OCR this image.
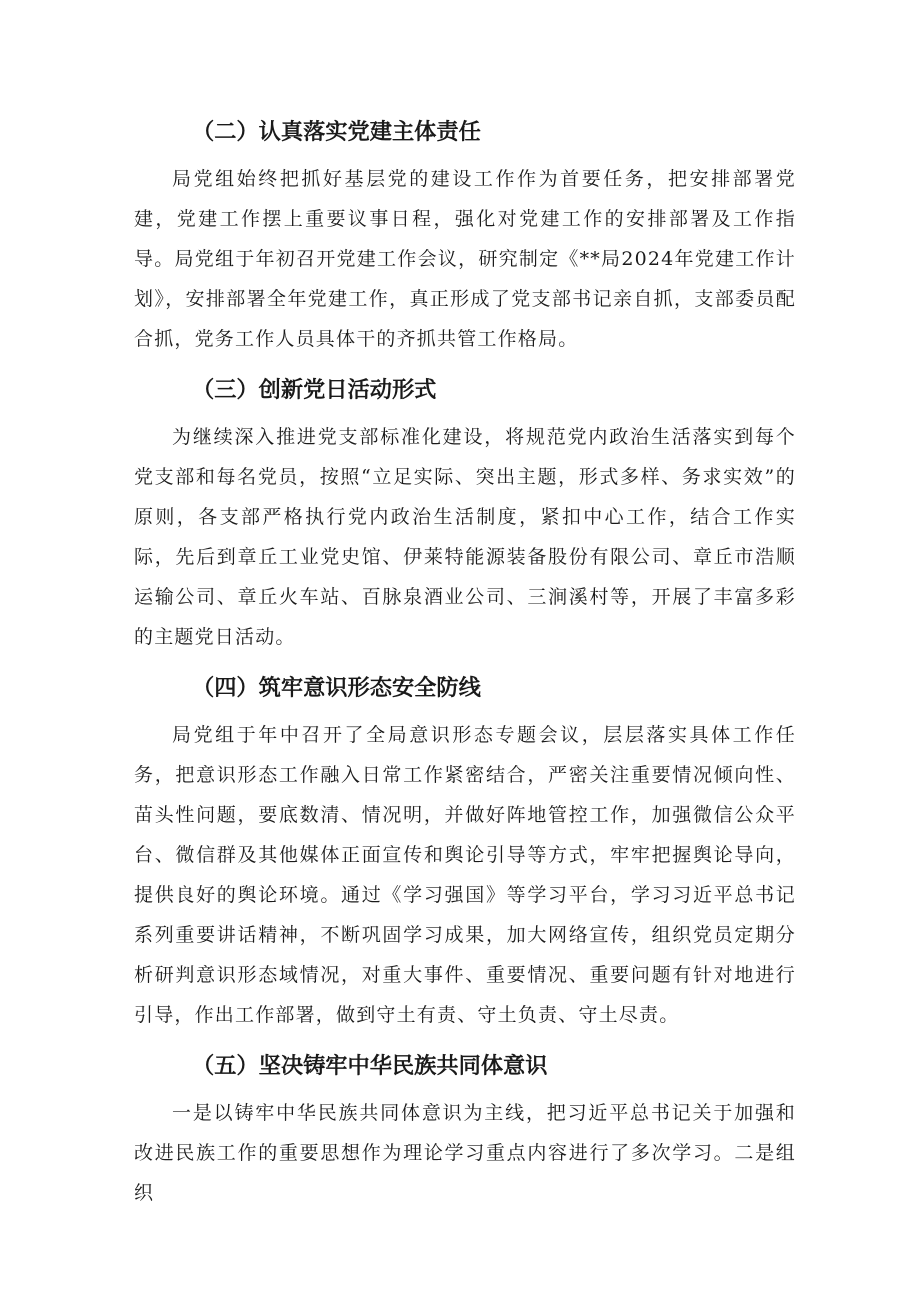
（二）认真落实党建主体责任

局党组始终把抓好基层党的建设工作作为首要任务，把安排部署党建，党建工作摆上重要议事日程，强化对党建工作的安排部署及工作指导。局党组于年初召开党建工作会议，研究制定《**局2024年党建工作计划》，安排部署全年党建工作，真正形成了党支部书记亲自抓，支部委员配合抓，党务工作人员具体干的齐抓共管工作格局。

（三）创新党日活动形式

为继续深入推进党支部标准化建设，将规范党内政治生活落实到每个党支部和每名党员，按照“立足实际、突出主题，形式多样、务求实效”的原则，各支部严格执行党内政治生活制度，紧扣中心工作，结合工作实际，先后到章丘工业党史馆、伊莱特能源装备股份有限公司、章丘市浩顺运输公司、章丘火车站、百脉泉酒业公司、三涧溪村等，开展了丰富多彩的主题党日活动。

（四）筑牢意识形态安全防线

局党组于年中召开了全局意识形态专题会议，层层落实具体工作任务，把意识形态工作融入日常工作紧密结合，严密关注重要情况倾向性、苗头性问题，要底数清、情况明，并做好阵地管控工作，加强微信公众平台、微信群及其他媒体正面宣传和舆论引导等方式，牢牢把握舆论导向，提供良好的舆论环境。通过《学习强国》等学习平台，学习习近平总书记系列重要讲话精神，不断巩固学习成果，加大网络宣传，组织党员定期分析研判意识形态域情况，对重大事件、重要情况、重要问题有针对地进行引导，作出工作部署，做到守土有责、守土负责、守土尽责。

（五）坚决铸牢中华民族共同体意识

一是以铸牢中华民族共同体意识为主线，把习近平总书记关于加强和改进民族工作的重要思想作为理论学习重点内容进行了多次学习。二是组织
